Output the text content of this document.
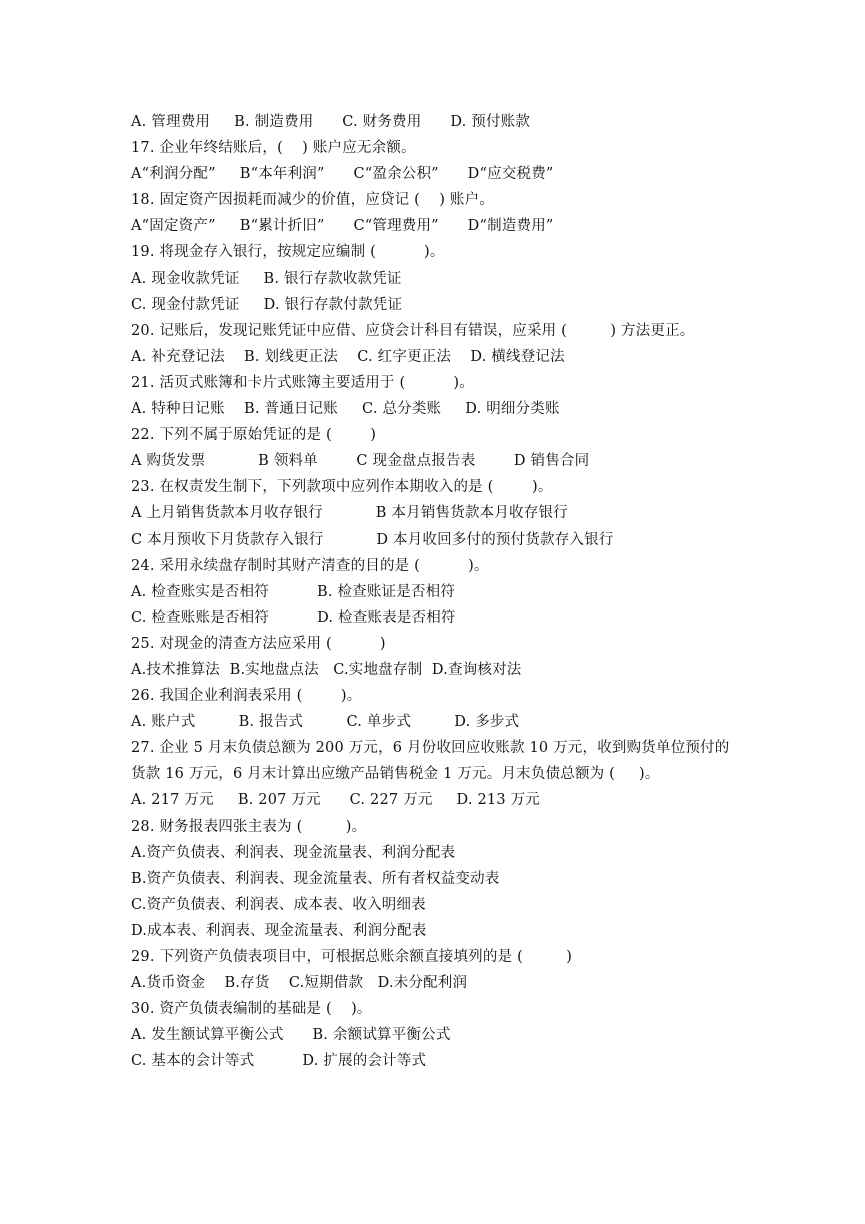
A. 管理费用     B. 制造费用      C. 财务费用      D. 预付账款
17. 企业年终结账后，(    ) 账户应无余额。
A“利润分配”     B“本年利润”      C“盈余公积”      D“应交税费”
18. 固定资产因损耗而减少的价值，应贷记 (    ) 账户。
A“固定资产”     B“累计折旧”      C“管理费用”      D“制造费用”
19. 将现金存入银行，按规定应编制 (          )。
A. 现金收款凭证     B. 银行存款收款凭证
C. 现金付款凭证     D. 银行存款付款凭证
20. 记账后，发现记账凭证中应借、应贷会计科目有错误，应采用 (         ) 方法更正。
A. 补充登记法    B. 划线更正法    C. 红字更正法    D. 横线登记法
21. 活页式账簿和卡片式账簿主要适用于 (          )。
A. 特种日记账    B. 普通日记账     C. 总分类账     D. 明细分类账
22. 下列不属于原始凭证的是 (        )
A 购货发票           B 领料单        C 现金盘点报告表        D 销售合同
23. 在权责发生制下，下列款项中应列作本期收入的是 (        )。
A 上月销售货款本月收存银行           B 本月销售货款本月收存银行
C 本月预收下月货款存入银行           D 本月收回多付的预付货款存入银行
24. 采用永续盘存制时其财产清查的目的是 (          )。
A. 检查账实是否相符          B. 检查账证是否相符
C. 检查账账是否相符          D. 检查账表是否相符
25. 对现金的清查方法应采用 (          )
A.技术推算法  B.实地盘点法   C.实地盘存制  D.查询核对法
26. 我国企业利润表采用 (        )。
A. 账户式         B. 报告式         C. 单步式         D. 多步式
27. 企业 5 月末负债总额为 200 万元，6 月份收回应收账款 10 万元，收到购货单位预付的
货款 16 万元，6 月末计算出应缴产品销售税金 1 万元。月末负债总额为 (     )。
A. 217 万元     B. 207 万元      C. 227 万元     D. 213 万元
28. 财务报表四张主表为 (         )。
A.资产负债表、利润表、现金流量表、利润分配表
B.资产负债表、利润表、现金流量表、所有者权益变动表
C.资产负债表、利润表、成本表、收入明细表
D.成本表、利润表、现金流量表、利润分配表
29. 下列资产负债表项目中，可根据总账余额直接填列的是 (         )
A.货币资金    B.存货    C.短期借款   D.未分配利润
30. 资产负债表编制的基础是 (    )。
A. 发生额试算平衡公式      B. 余额试算平衡公式
C. 基本的会计等式          D. 扩展的会计等式
